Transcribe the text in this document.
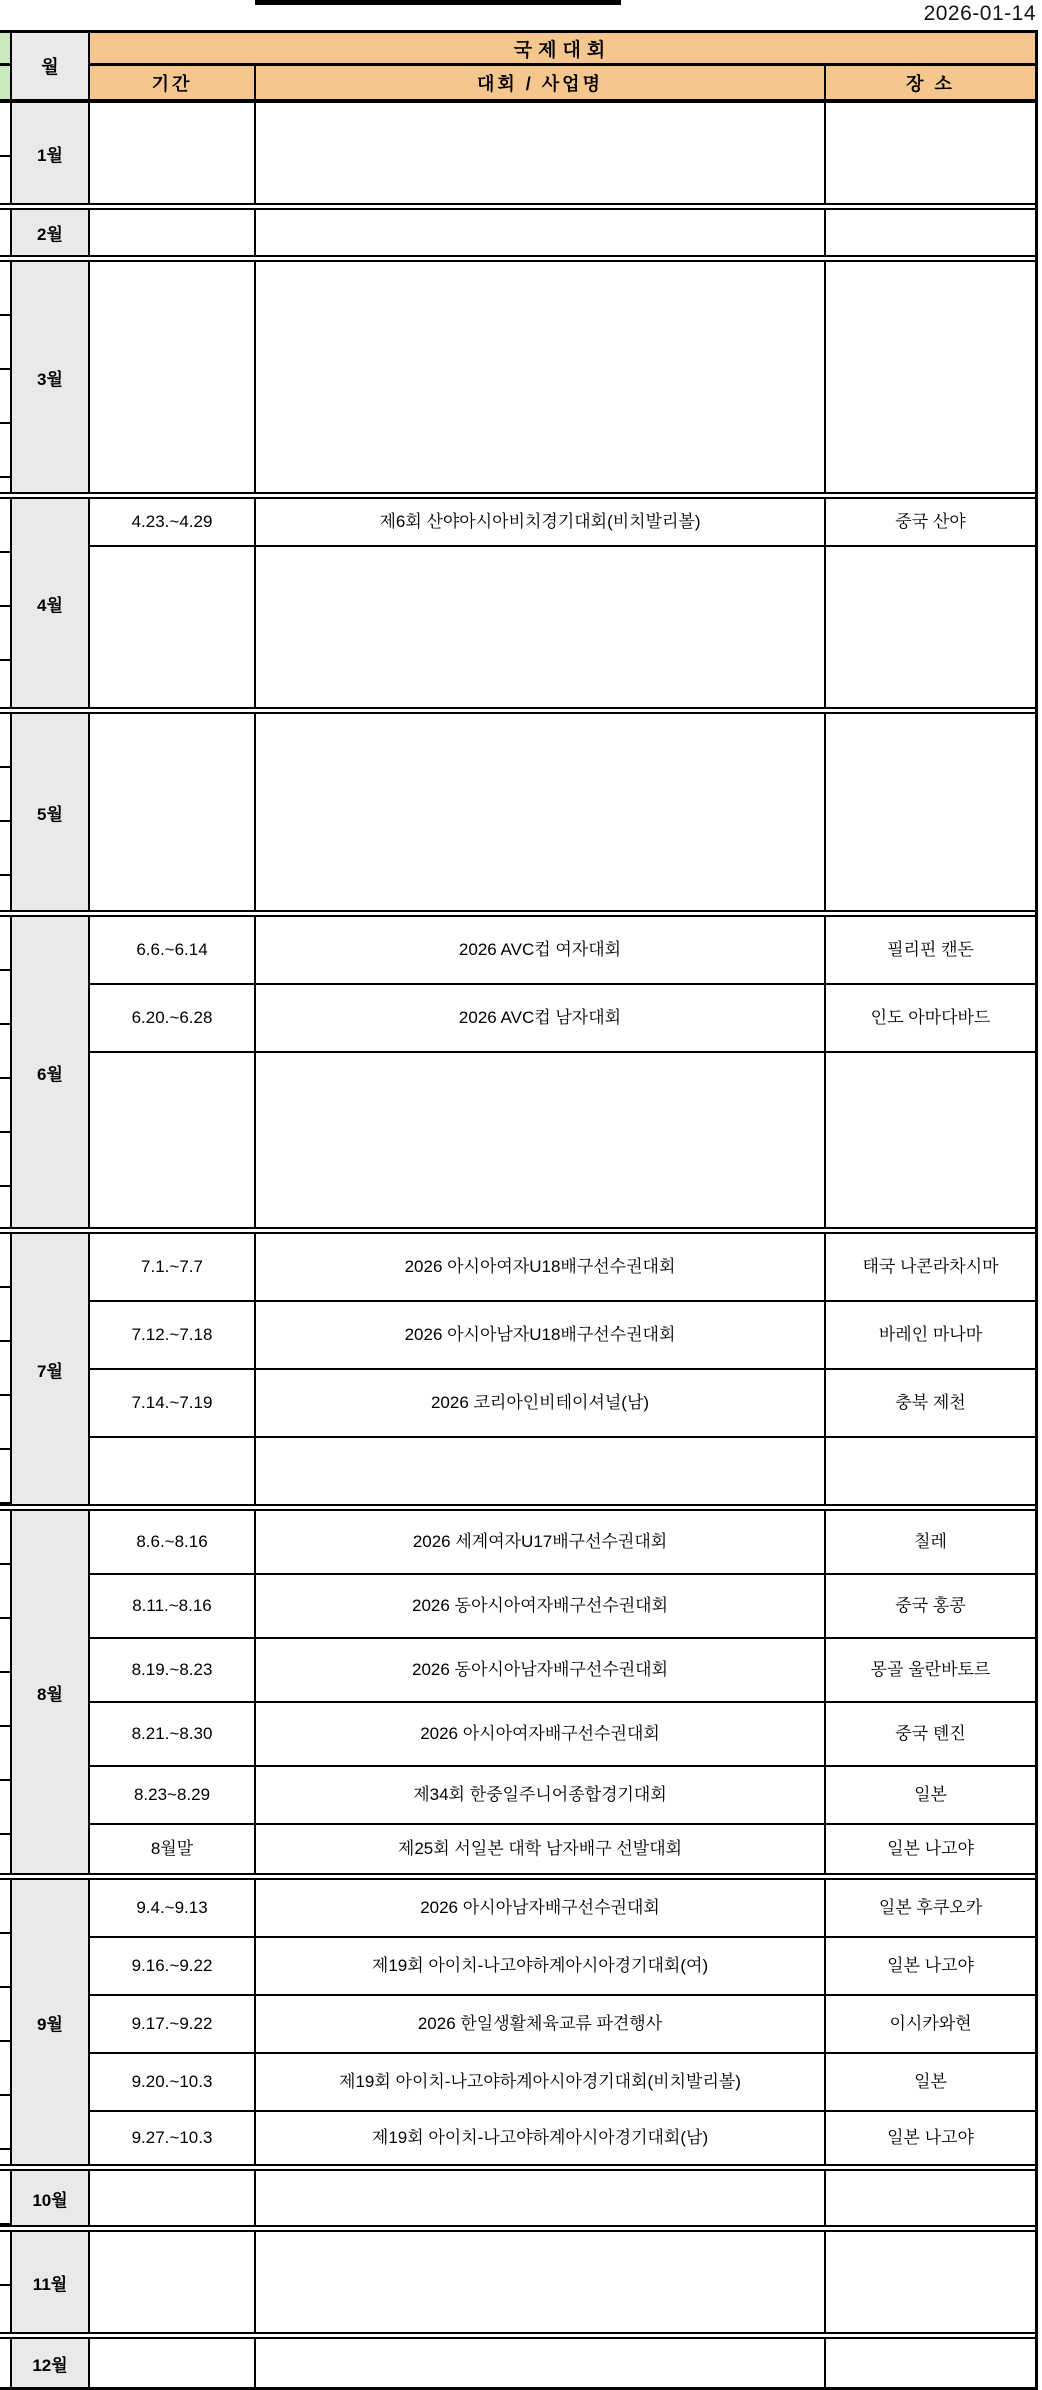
2026-01-14
월
국제대회
기간	대회 / 사업명	장 소
1월
2월
3월
4월
4.23.~4.29	제6회 산야아시아비치경기대회(비치발리볼)	중국 산야
5월
6월
6.6.~6.14	2026 AVC컵 여자대회	필리핀 캔돈
6.20.~6.28	2026 AVC컵 남자대회	인도 아마다바드
7월
7.1.~7.7	2026 아시아여자U18배구선수권대회	태국 나콘라차시마
7.12.~7.18	2026 아시아남자U18배구선수권대회	바레인 마나마
7.14.~7.19	2026 코리아인비테이셔널(남)	충북 제천
8월
8.6.~8.16	2026 세계여자U17배구선수권대회	칠레
8.11.~8.16	2026 동아시아여자배구선수권대회	중국 홍콩
8.19.~8.23	2026 동아시아남자배구선수권대회	몽골 울란바토르
8.21.~8.30	2026 아시아여자배구선수권대회	중국 톈진
8.23~8.29	제34회 한중일주니어종합경기대회	일본
8월말	제25회 서일본 대학 남자배구 선발대회	일본 나고야
9월
9.4.~9.13	2026 아시아남자배구선수권대회	일본 후쿠오카
9.16.~9.22	제19회 아이치-나고야하계아시아경기대회(여)	일본 나고야
9.17.~9.22	2026 한일생활체육교류 파견행사	이시카와현
9.20.~10.3	제19회 아이치-나고야하계아시아경기대회(비치발리볼)	일본
9.27.~10.3	제19회 아이치-나고야하계아시아경기대회(남)	일본 나고야
10월
11월
12월
